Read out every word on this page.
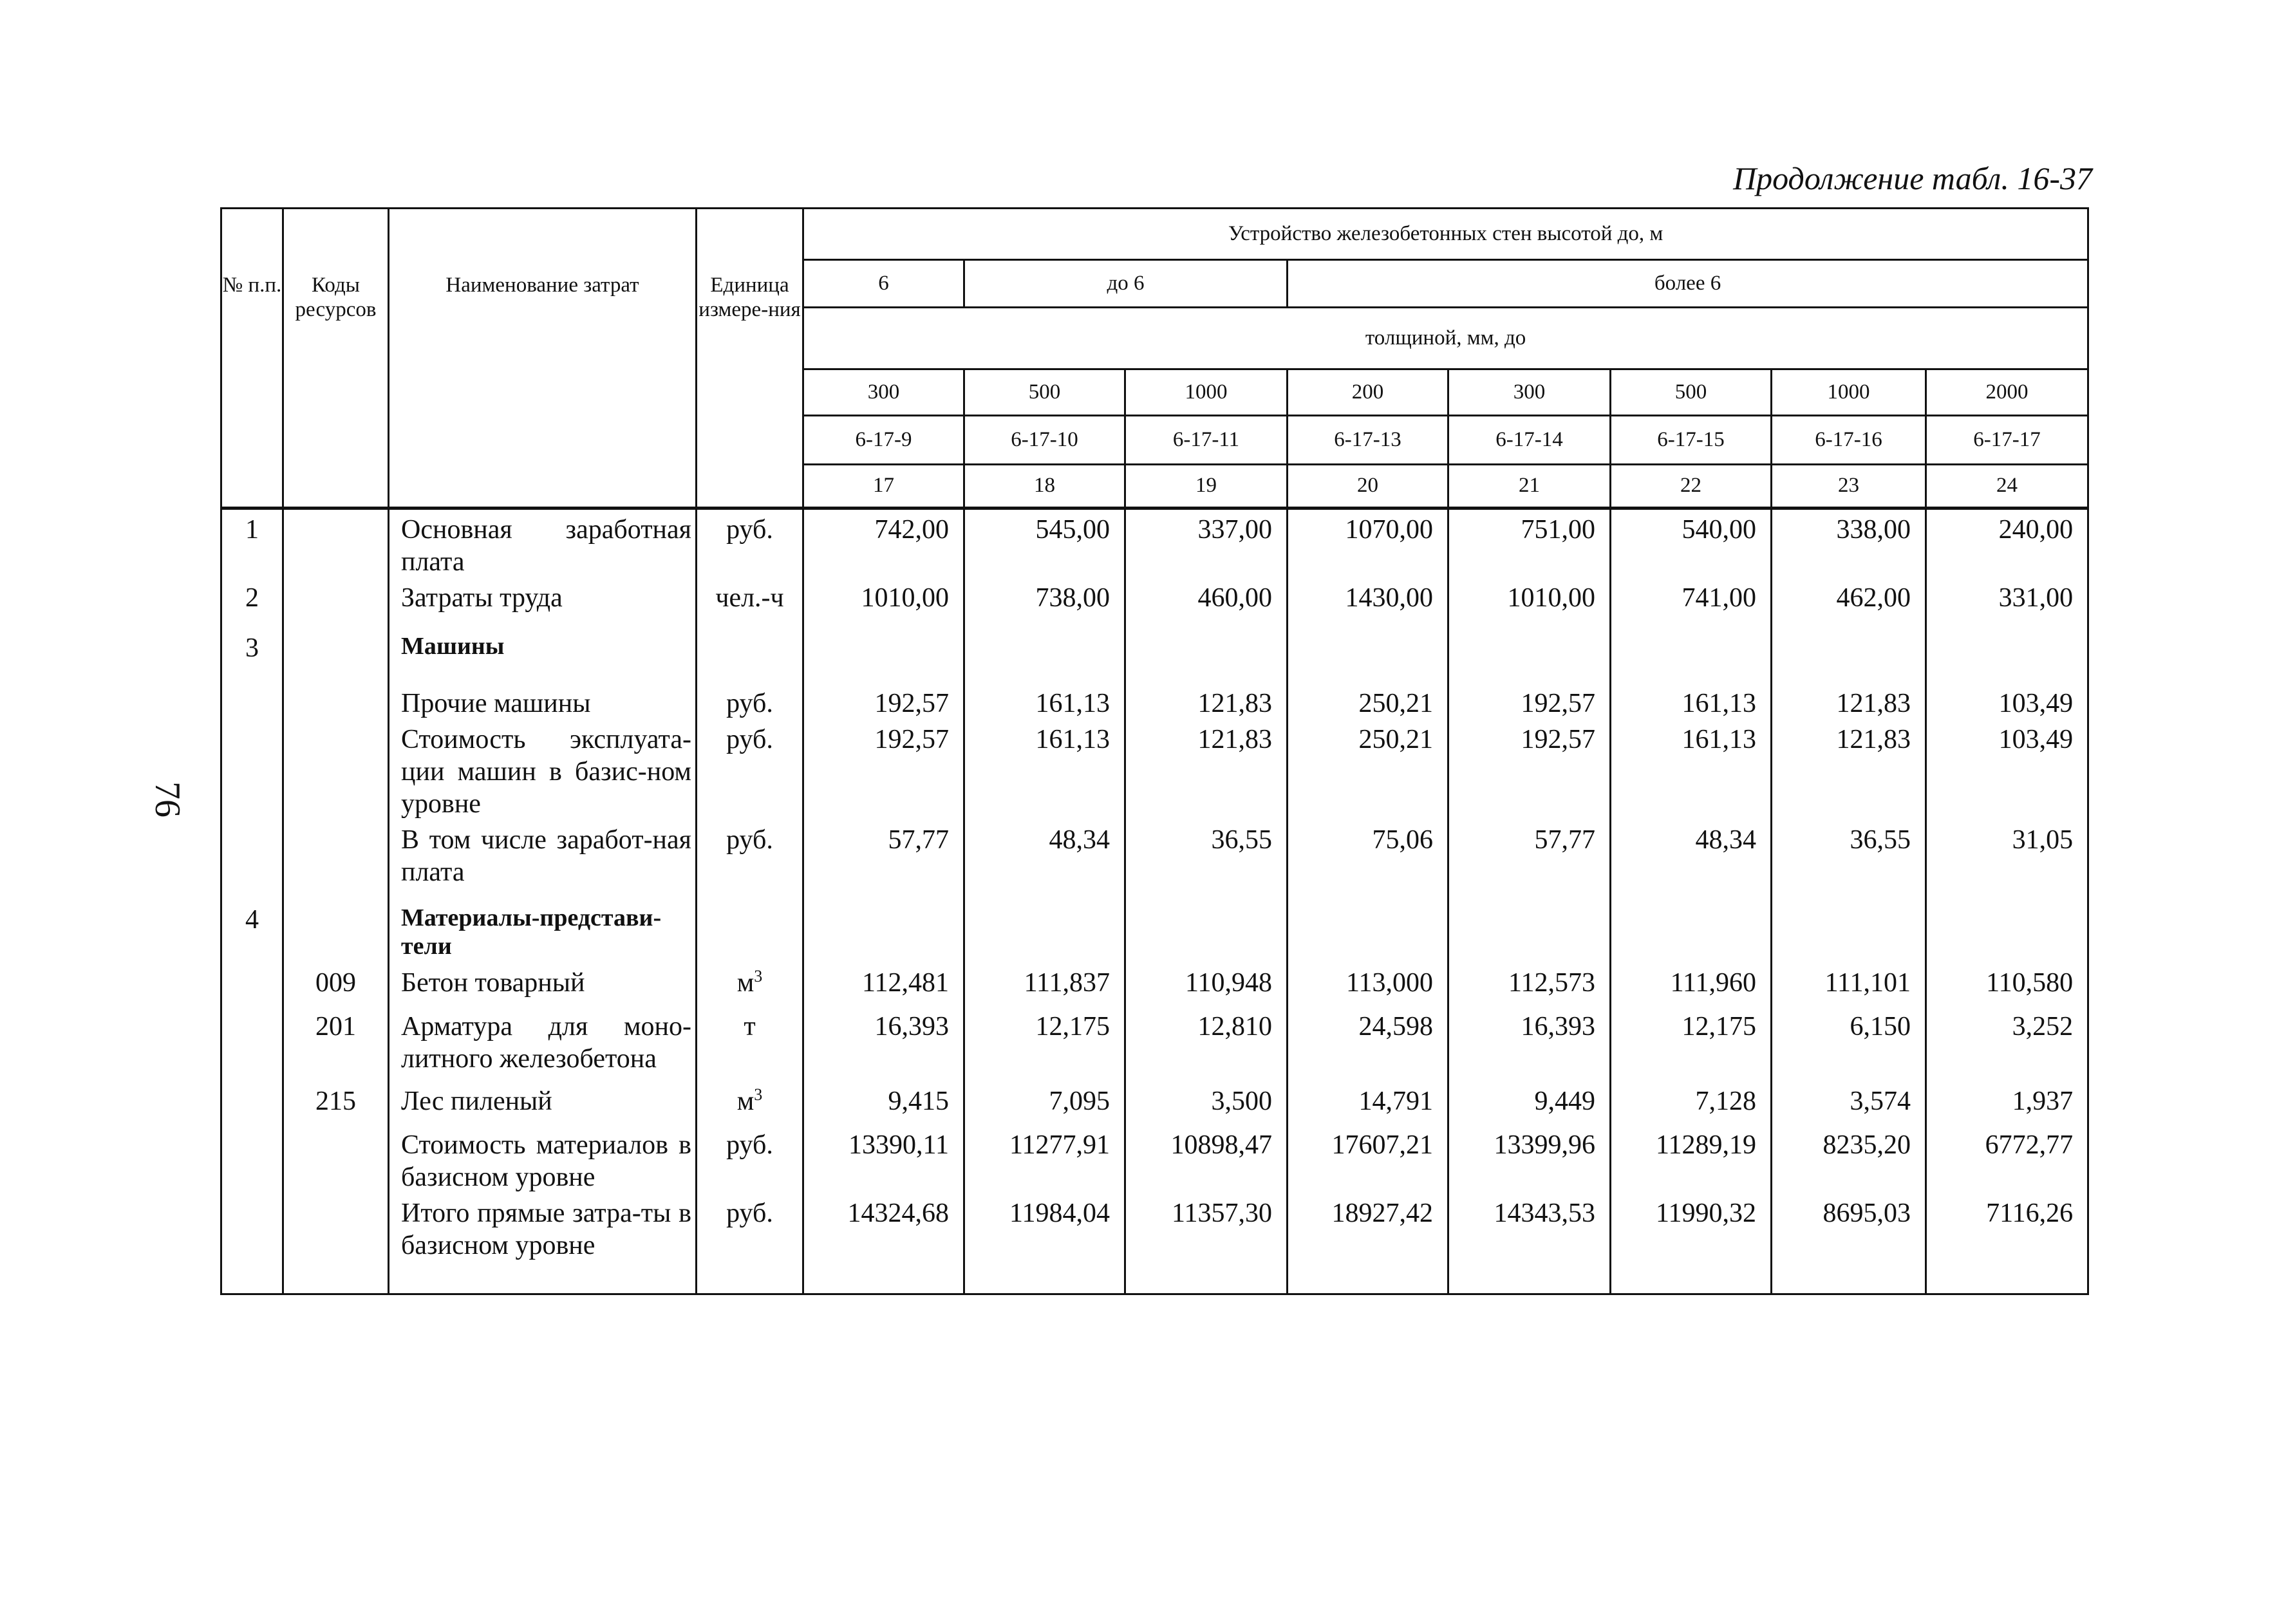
Продолжение табл. 16-37
76
№ п.п.	Коды ресурсов	Наименование затрат	Единица измере-ния	Устройство железобетонных стен высотой до, м							
				6	до 6		более 6				
				толщиной, мм, до							
				300	500	1000	200	300	500	1000	2000
				6-17-9	6-17-10	6-17-11	6-17-13	6-17-14	6-17-15	6-17-16	6-17-17
				17	18	19	20	21	22	23	24
1		Основная заработная плата	руб.	742,00	545,00	337,00	1070,00	751,00	540,00	338,00	240,00
2		Затраты труда	чел.-ч	1010,00	738,00	460,00	1430,00	1010,00	741,00	462,00	331,00
3		Машины									
		Прочие машины	руб.	192,57	161,13	121,83	250,21	192,57	161,13	121,83	103,49
		Стоимость эксплуата-ции машин в базис-ном уровне	руб.	192,57	161,13	121,83	250,21	192,57	161,13	121,83	103,49
		В том числе заработ-ная плата	руб.	57,77	48,34	36,55	75,06	57,77	48,34	36,55	31,05
4		Материалы-представи-тели									
	009	Бетон товарный	$м^3$	112,481	111,837	110,948	113,000	112,573	111,960	111,101	110,580
	201	Арматура для моно-литного железобетона	т	16,393	12,175	12,810	24,598	16,393	12,175	6,150	3,252
	215	Лес пиленый	$м^3$	9,415	7,095	3,500	14,791	9,449	7,128	3,574	1,937
		Стоимость материалов в базисном уровне	руб.	13390,11	11277,91	10898,47	17607,21	13399,96	11289,19	8235,20	6772,77
		Итого прямые затра-ты в базисном уровне	руб.	14324,68	11984,04	11357,30	18927,42	14343,53	11990,32	8695,03	7116,26
